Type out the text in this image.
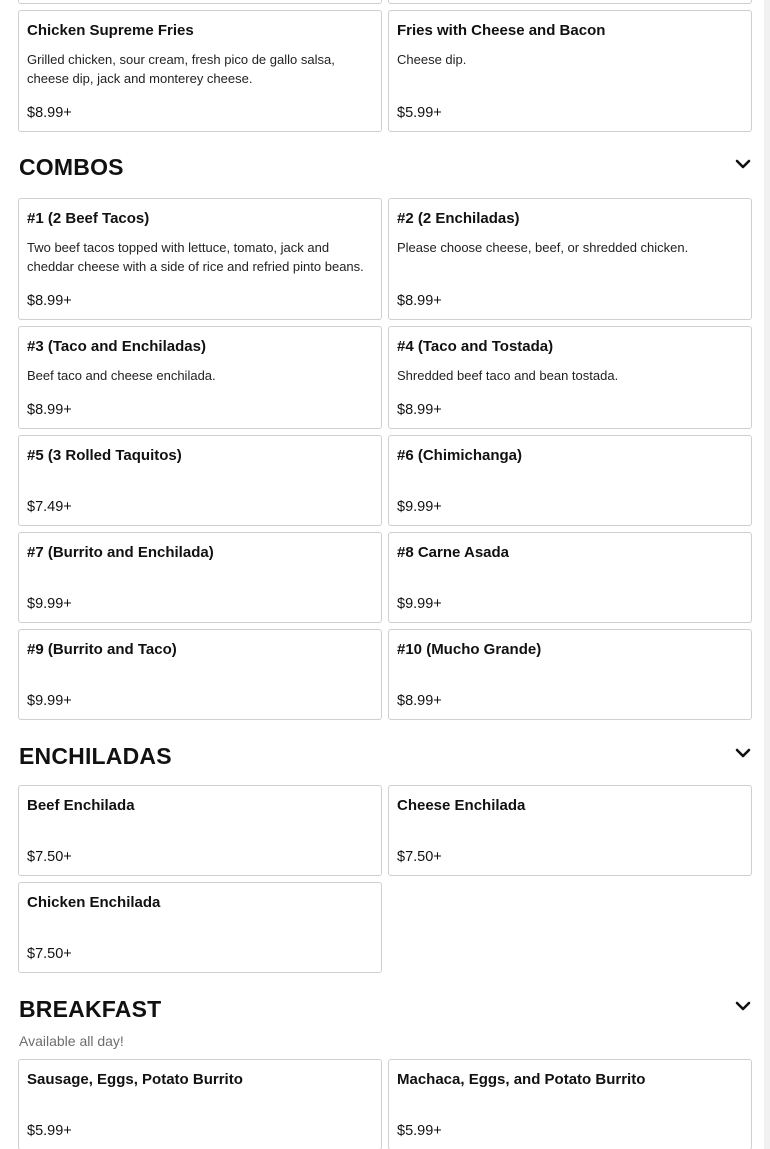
Chicken Supreme Fries
Grilled chicken, sour cream, fresh pico de gallo salsa, cheese dip, jack and monterey cheese.
$8.99+
Fries with Cheese and Bacon
Cheese dip.
$5.99+
COMBOS
#1 (2 Beef Tacos)
Two beef tacos topped with lettuce, tomato, jack and cheddar cheese with a side of rice and refried pinto beans.
$8.99+
#2 (2 Enchiladas)
Please choose cheese, beef, or shredded chicken.
$8.99+
#3 (Taco and Enchiladas)
Beef taco and cheese enchilada.
$8.99+
#4 (Taco and Tostada)
Shredded beef taco and bean tostada.
$8.99+
#5 (3 Rolled Taquitos)
$7.49+
#6 (Chimichanga)
$9.99+
#7 (Burrito and Enchilada)
$9.99+
#8 Carne Asada
$9.99+
#9 (Burrito and Taco)
$9.99+
#10 (Mucho Grande)
$8.99+
ENCHILADAS
Beef Enchilada
$7.50+
Cheese Enchilada
$7.50+
Chicken Enchilada
$7.50+
BREAKFAST
Available all day!
Sausage, Eggs, Potato Burrito
$5.99+
Machaca, Eggs, and Potato Burrito
$5.99+
